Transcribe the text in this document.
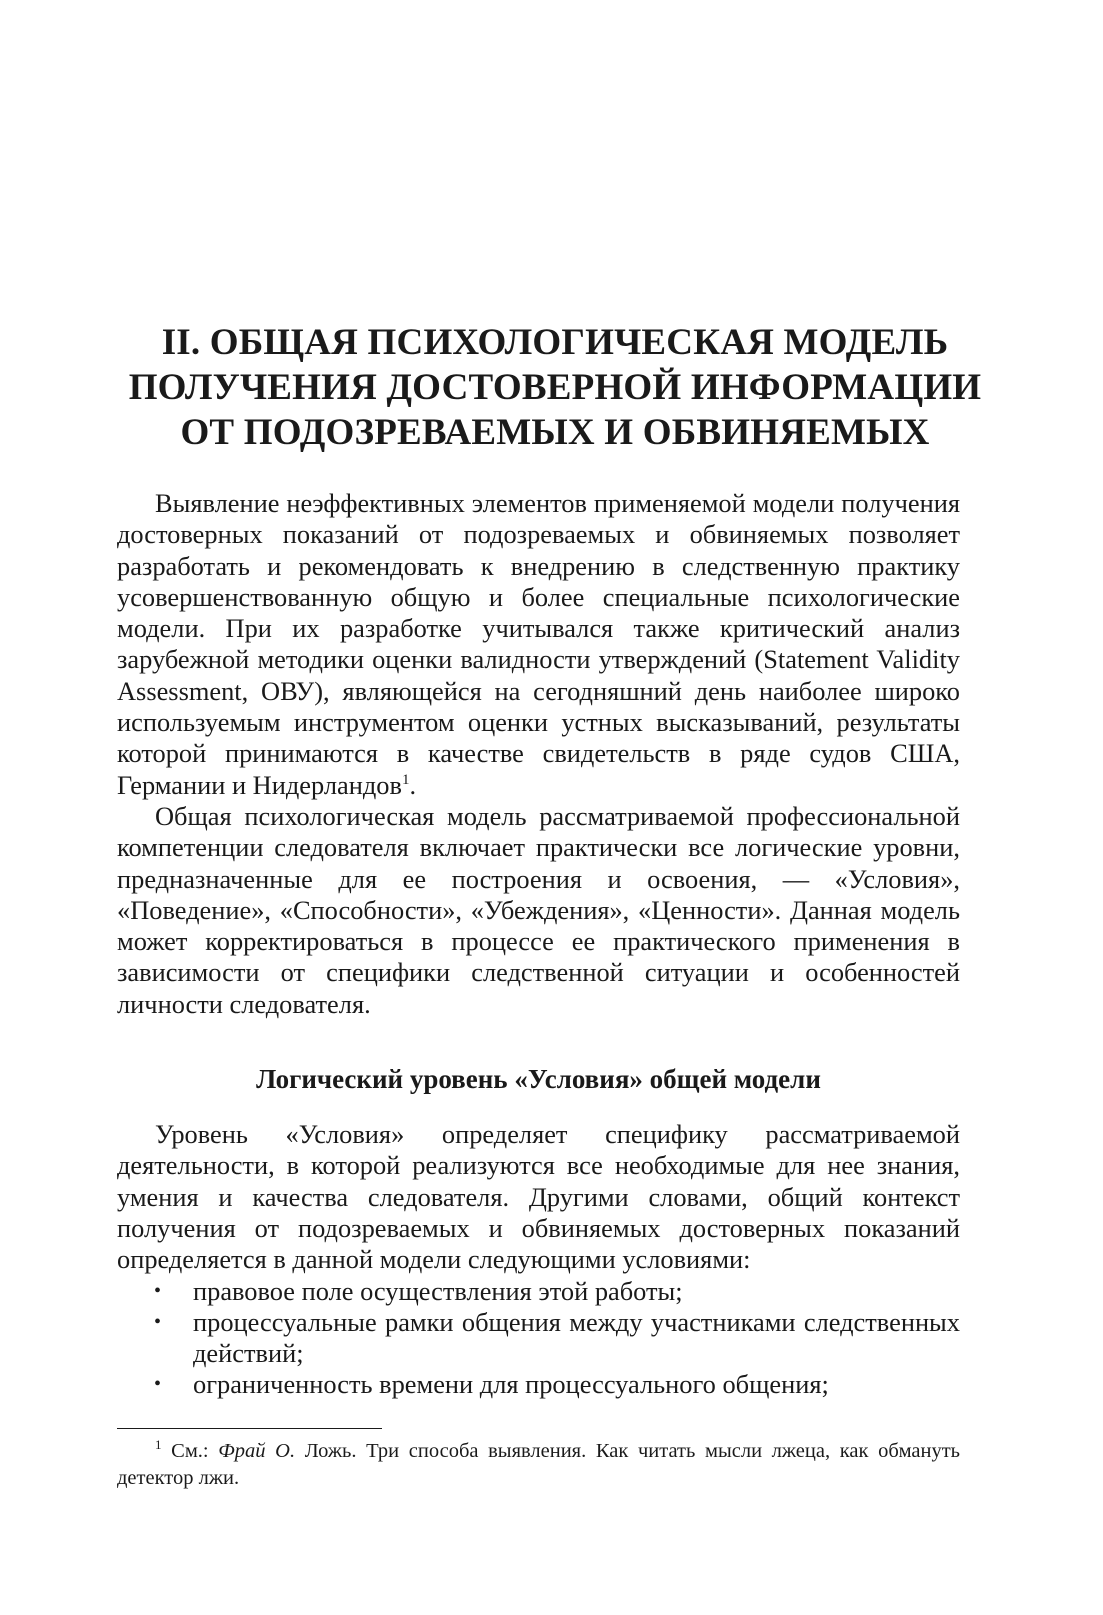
II. ОБЩАЯ ПСИХОЛОГИЧЕСКАЯ МОДЕЛЬ
ПОЛУЧЕНИЯ ДОСТОВЕРНОЙ ИНФОРМАЦИИ
ОТ ПОДОЗРЕВАЕМЫХ И ОБВИНЯЕМЫХ

Выявление неэффективных элементов применяемой модели получения достоверных показаний от подозреваемых и обвиняемых позволяет разработать и рекомендовать к внедрению в следственную практику усовершенствованную общую и более специальные психологические модели. При их разработке учитывался также критический анализ зарубежной методики оценки валидности утверждений (Statement Validity Assessment, ОВУ), являющейся на сегодняшний день наиболее широко используемым инструментом оценки устных высказываний, результаты которой принимаются в качестве свидетельств в ряде судов США, Германии и Нидерландов$^1$.

Общая психологическая модель рассматриваемой профессиональной компетенции следователя включает практически все логические уровни, предназначенные для ее построения и освоения, — «Условия», «Поведение», «Способности», «Убеждения», «Ценности». Данная модель может корректироваться в процессе ее практического применения в зависимости от специфики следственной ситуации и особенностей личности следователя.

Логический уровень «Условия» общей модели

Уровень «Условия» определяет специфику рассматриваемой деятельности, в которой реализуются все необходимые для нее знания, умения и качества следователя. Другими словами, общий контекст получения от подозреваемых и обвиняемых достоверных показаний определяется в данной модели следующими условиями:

• правовое поле осуществления этой работы;
• процессуальные рамки общения между участниками следственных действий;
• ограниченность времени для процессуального общения;

$^1$ См.: Фрай О. Ложь. Три способа выявления. Как читать мысли лжеца, как обмануть детектор лжи.
